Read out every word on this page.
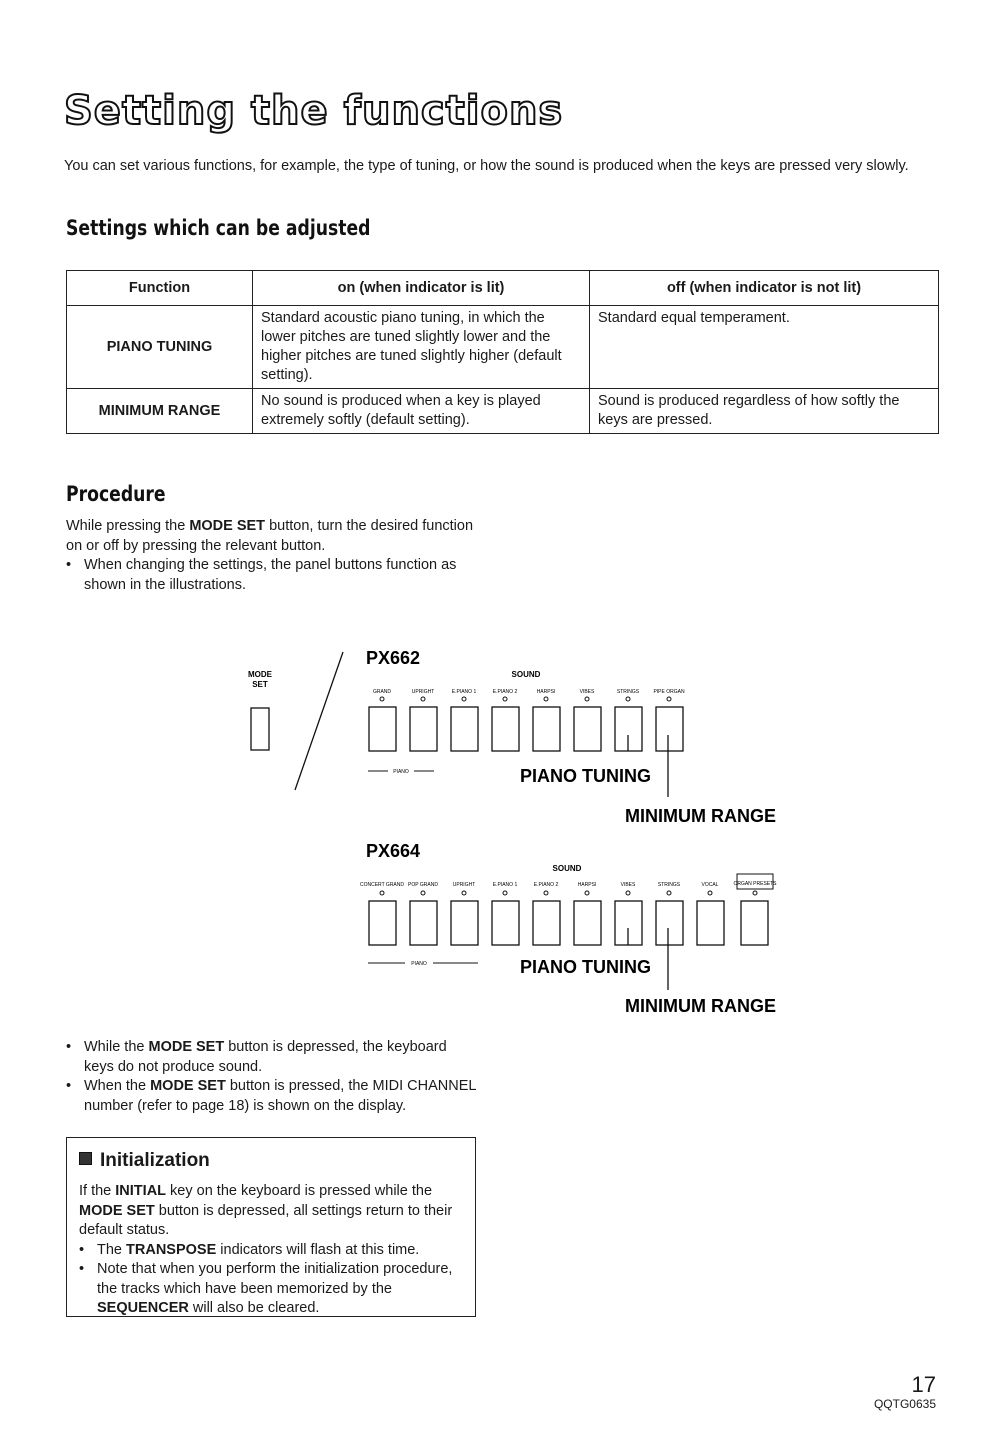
Setting the functions
You can set various functions, for example, the type of tuning, or how the sound is produced when the keys are pressed very slowly.
Settings which can be adjusted
Function	on (when indicator is lit)	off (when indicator is not lit)
PIANO TUNING	Standard acoustic piano tuning, in which the lower pitches are tuned slightly lower and the higher pitches are tuned slightly higher (default setting).	Standard equal temperament.
MINIMUM RANGE	No sound is produced when a key is played extremely softly (default setting).	Sound is produced regardless of how softly the keys are pressed.
Procedure
While pressing the MODE SET button, turn the desired function on or off by pressing the relevant button.
• When changing the settings, the panel buttons function as shown in the illustrations.
MODE
SET
PX662
SOUND
GRAND	UPRIGHT	E.PIANO 1	E.PIANO 2	HARPSI	VIBES	STRINGS	PIPE ORGAN
PIANO	PIANO TUNING
MINIMUM RANGE
PX664
SOUND
CONCERT GRAND POP GRAND	UPRIGHT	E.PIANO 1	E.PIANO 2	HARPSI	VIBES	STRINGS	VOCAL	ORGAN PRESETS
PIANO	PIANO TUNING
MINIMUM RANGE
• While the MODE SET button is depressed, the keyboard keys do not produce sound.
• When the MODE SET button is pressed, the MIDI CHANNEL number (refer to page 18) is shown on the display.
Initialization
If the INITIAL key on the keyboard is pressed while the MODE SET button is depressed, all settings return to their default status.
• The TRANSPOSE indicators will flash at this time.
• Note that when you perform the initialization procedure, the tracks which have been memorized by the SEQUENCER will also be cleared.
17
QQTG0635
